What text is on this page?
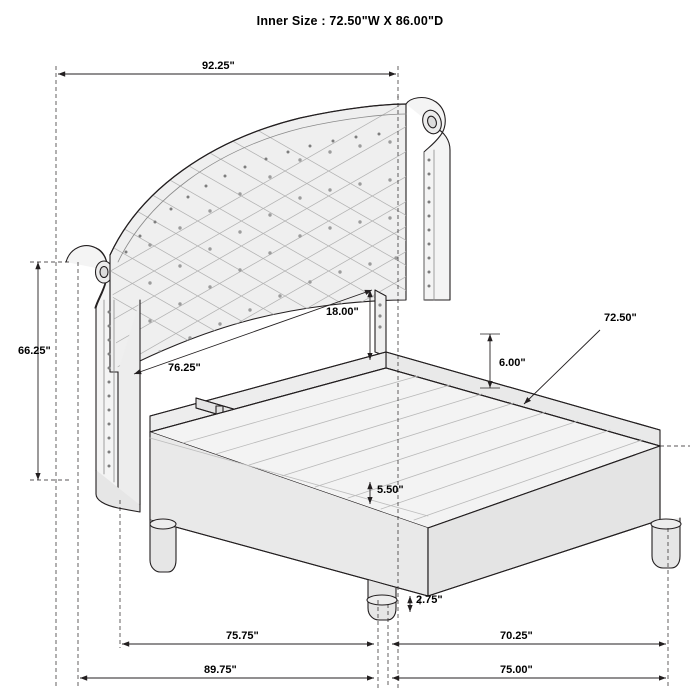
Inner Size : 72.50"W X 86.00"D
92.25"
66.25"
76.25"
18.00"
6.00"
5.50"
2.75"
72.50"
75.75"	70.25"
89.75"	75.00"
